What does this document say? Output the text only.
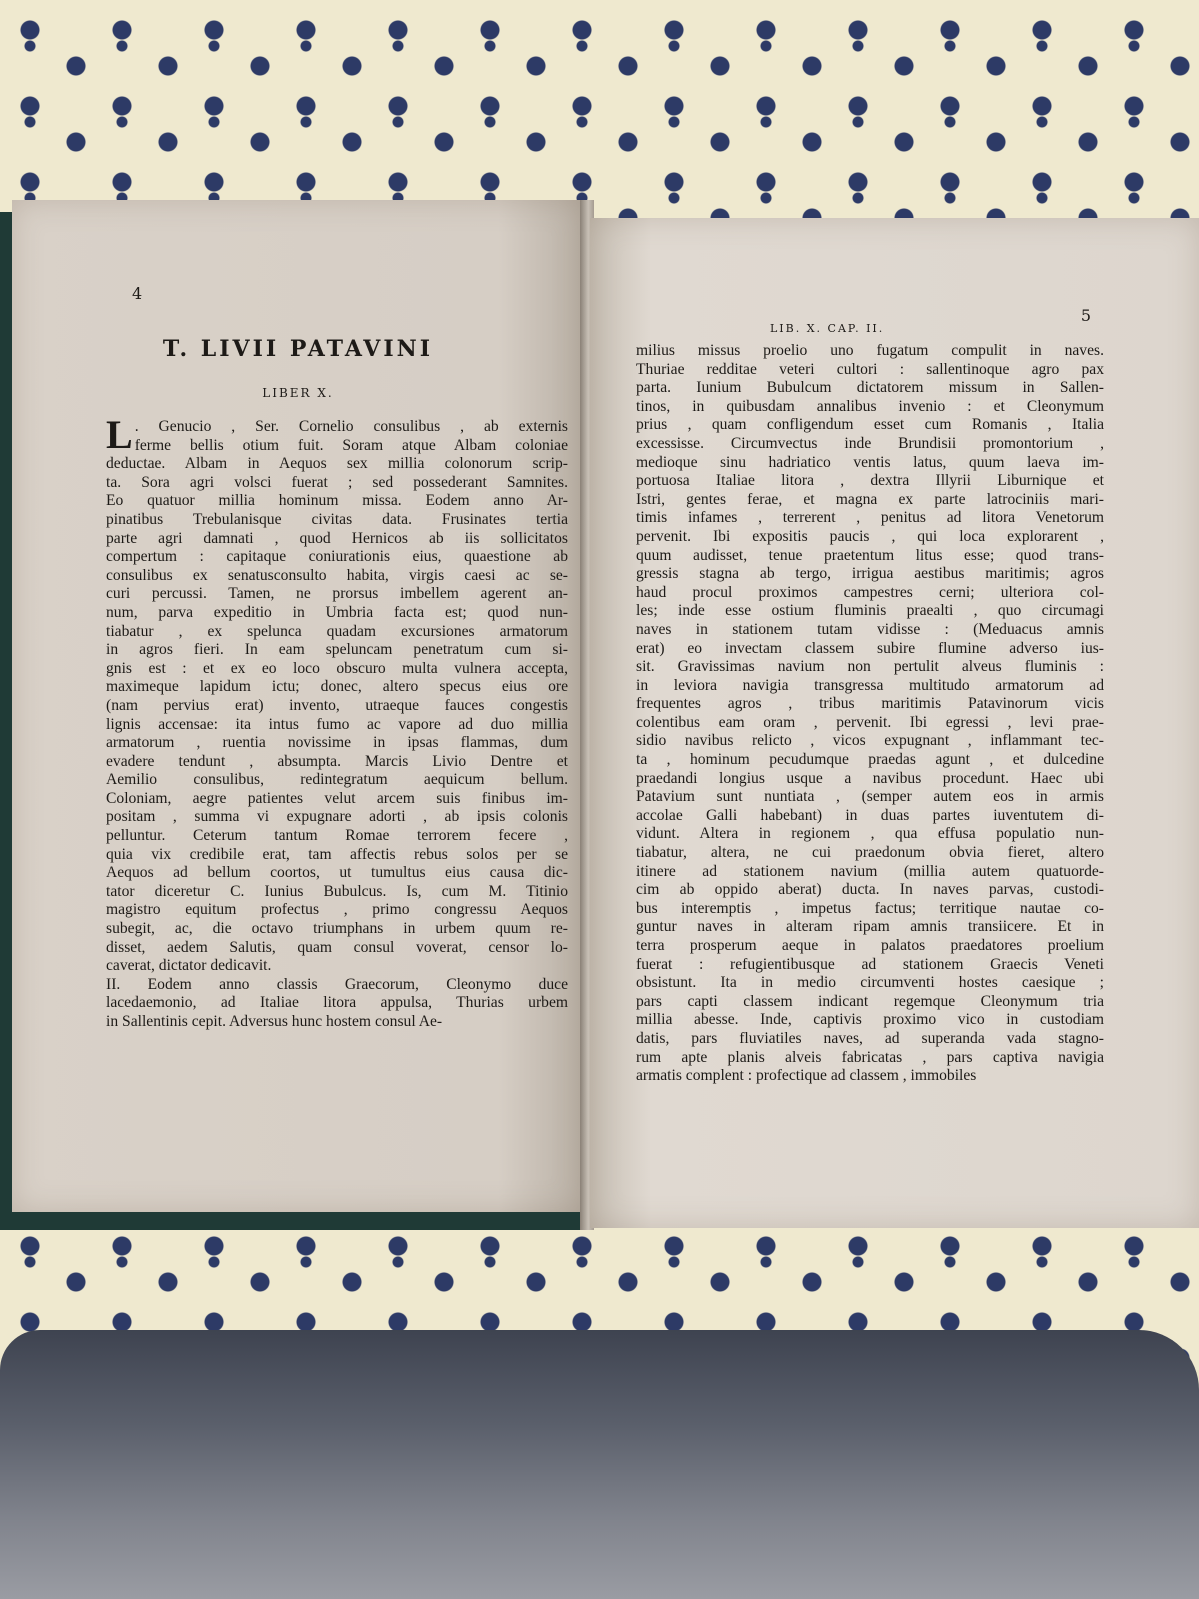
4
T. LIVII PATAVINI
LIBER X.
L . Genucio , Ser. Cornelio consulibus , ab externis
ferme bellis otium fuit. Soram atque Albam coloniae
deductae. Albam in Aequos sex millia colonorum scrip-
ta. Sora agri volsci fuerat ; sed possederant Samnites.
Eo quatuor millia hominum missa. Eodem anno Ar-
pinatibus Trebulanisque civitas data. Frusinates tertia
parte agri damnati , quod Hernicos ab iis sollicitatos
compertum : capitaque coniurationis eius, quaestione ab
consulibus ex senatusconsulto habita, virgis caesi ac se-
curi percussi. Tamen, ne prorsus imbellem agerent an-
num, parva expeditio in Umbria facta est; quod nun-
tiabatur , ex spelunca quadam excursiones armatorum
in agros fieri. In eam speluncam penetratum cum si-
gnis est : et ex eo loco obscuro multa vulnera accepta,
maximeque lapidum ictu; donec, altero specus eius ore
(nam pervius erat) invento, utraeque fauces congestis
lignis accensae: ita intus fumo ac vapore ad duo millia
armatorum , ruentia novissime in ipsas flammas, dum
evadere tendunt , absumpta. Marcis Livio Dentre et
Aemilio consulibus, redintegratum aequicum bellum.
Coloniam, aegre patientes velut arcem suis finibus im-
positam , summa vi expugnare adorti , ab ipsis colonis
pelluntur. Ceterum tantum Romae terrorem fecere ,
quia vix credibile erat, tam affectis rebus solos per se
Aequos ad bellum coortos, ut tumultus eius causa dic-
tator diceretur C. Iunius Bubulcus. Is, cum M. Titinio
magistro equitum profectus , primo congressu Aequos
subegit, ac, die octavo triumphans in urbem quum re-
disset, aedem Salutis, quam consul voverat, censor lo-
caverat, dictator dedicavit.
II. Eodem anno classis Graecorum, Cleonymo duce
lacedaemonio, ad Italiae litora appulsa, Thurias urbem
in Sallentinis cepit. Adversus hunc hostem consul Ae-
LIB. X. CAP. II.
5
milius missus proelio uno fugatum compulit in naves.
Thuriae redditae veteri cultori : sallentinoque agro pax
parta. Iunium Bubulcum dictatorem missum in Sallen-
tinos, in quibusdam annalibus invenio : et Cleonymum
prius , quam confligendum esset cum Romanis , Italia
excessisse. Circumvectus inde Brundisii promontorium ,
medioque sinu hadriatico ventis latus, quum laeva im-
portuosa Italiae litora , dextra Illyrii Liburnique et
Istri, gentes ferae, et magna ex parte latrociniis mari-
timis infames , terrerent , penitus ad litora Venetorum
pervenit. Ibi expositis paucis , qui loca explorarent ,
quum audisset, tenue praetentum litus esse; quod trans-
gressis stagna ab tergo, irrigua aestibus maritimis; agros
haud procul proximos campestres cerni; ulteriora col-
les; inde esse ostium fluminis praealti , quo circumagi
naves in stationem tutam vidisse : (Meduacus amnis
erat) eo invectam classem subire flumine adverso ius-
sit. Gravissimas navium non pertulit alveus fluminis :
in leviora navigia transgressa multitudo armatorum ad
frequentes agros , tribus maritimis Patavinorum vicis
colentibus eam oram , pervenit. Ibi egressi , levi prae-
sidio navibus relicto , vicos expugnant , inflammant tec-
ta , hominum pecudumque praedas agunt , et dulcedine
praedandi longius usque a navibus procedunt. Haec ubi
Patavium sunt nuntiata , (semper autem eos in armis
accolae Galli habebant) in duas partes iuventutem di-
vidunt. Altera in regionem , qua effusa populatio nun-
tiabatur, altera, ne cui praedonum obvia fieret, altero
itinere ad stationem navium (millia autem quatuorde-
cim ab oppido aberat) ducta. In naves parvas, custodi-
bus interemptis , impetus factus; territique nautae co-
guntur naves in alteram ripam amnis transiicere. Et in
terra prosperum aeque in palatos praedatores proelium
fuerat : refugientibusque ad stationem Graecis Veneti
obsistunt. Ita in medio circumventi hostes caesique ;
pars capti classem indicant regemque Cleonymum tria
millia abesse. Inde, captivis proximo vico in custodiam
datis, pars fluviatiles naves, ad superanda vada stagno-
rum apte planis alveis fabricatas , pars captiva navigia
armatis complent : profectique ad classem , immobiles
